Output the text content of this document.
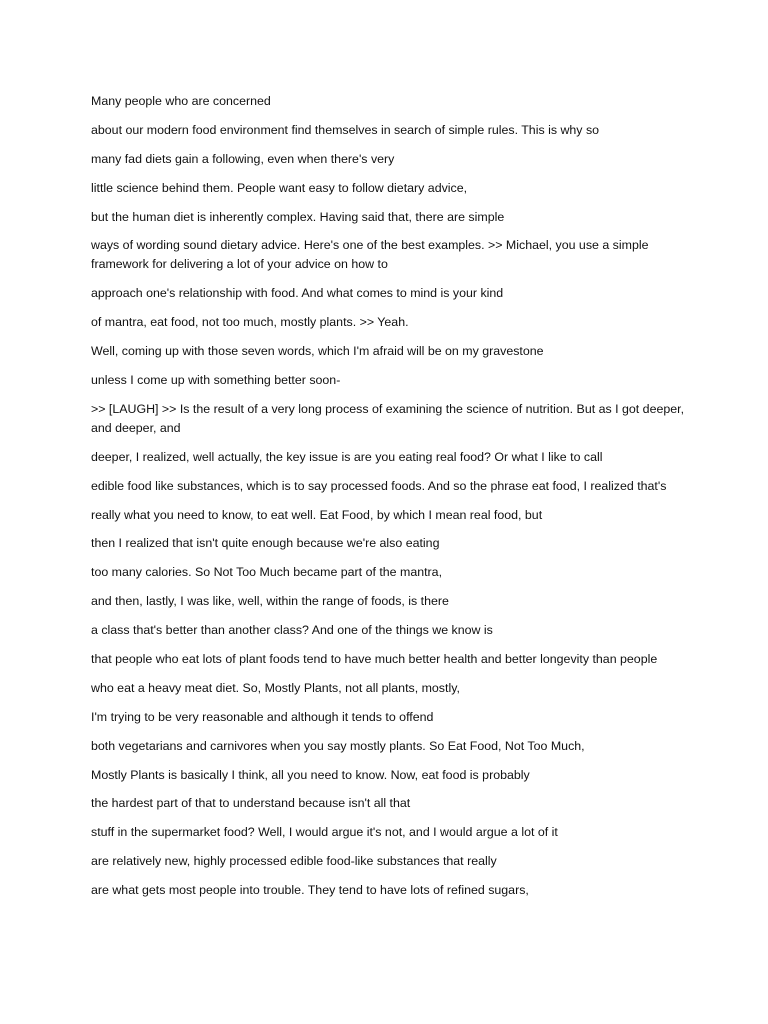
Many people who are concerned

about our modern food environment find themselves in search of simple rules. This is why so

many fad diets gain a following, even when there's very

little science behind them. People want easy to follow dietary advice,

but the human diet is inherently complex. Having said that, there are simple

ways of wording sound dietary advice. Here's one of the best examples. >> Michael, you use a simple framework for delivering a lot of your advice on how to

approach one's relationship with food. And what comes to mind is your kind

of mantra, eat food, not too much, mostly plants. >> Yeah.

Well, coming up with those seven words, which I'm afraid will be on my gravestone

unless I come up with something better soon-

>> [LAUGH] >> Is the result of a very long process of examining the science of nutrition. But as I got deeper, and deeper, and

deeper, I realized, well actually, the key issue is are you eating real food? Or what I like to call

edible food like substances, which is to say processed foods. And so the phrase eat food, I realized that's

really what you need to know, to eat well. Eat Food, by which I mean real food, but

then I realized that isn't quite enough because we're also eating

too many calories. So Not Too Much became part of the mantra,

and then, lastly, I was like, well, within the range of foods, is there

a class that's better than another class? And one of the things we know is

that people who eat lots of plant foods tend to have much better health and better longevity than people

who eat a heavy meat diet. So, Mostly Plants, not all plants, mostly,

I'm trying to be very reasonable and although it tends to offend

both vegetarians and carnivores when you say mostly plants. So Eat Food, Not Too Much,

Mostly Plants is basically I think, all you need to know. Now, eat food is probably

the hardest part of that to understand because isn't all that

stuff in the supermarket food? Well, I would argue it's not, and I would argue a lot of it

are relatively new, highly processed edible food-like substances that really

are what gets most people into trouble. They tend to have lots of refined sugars,
